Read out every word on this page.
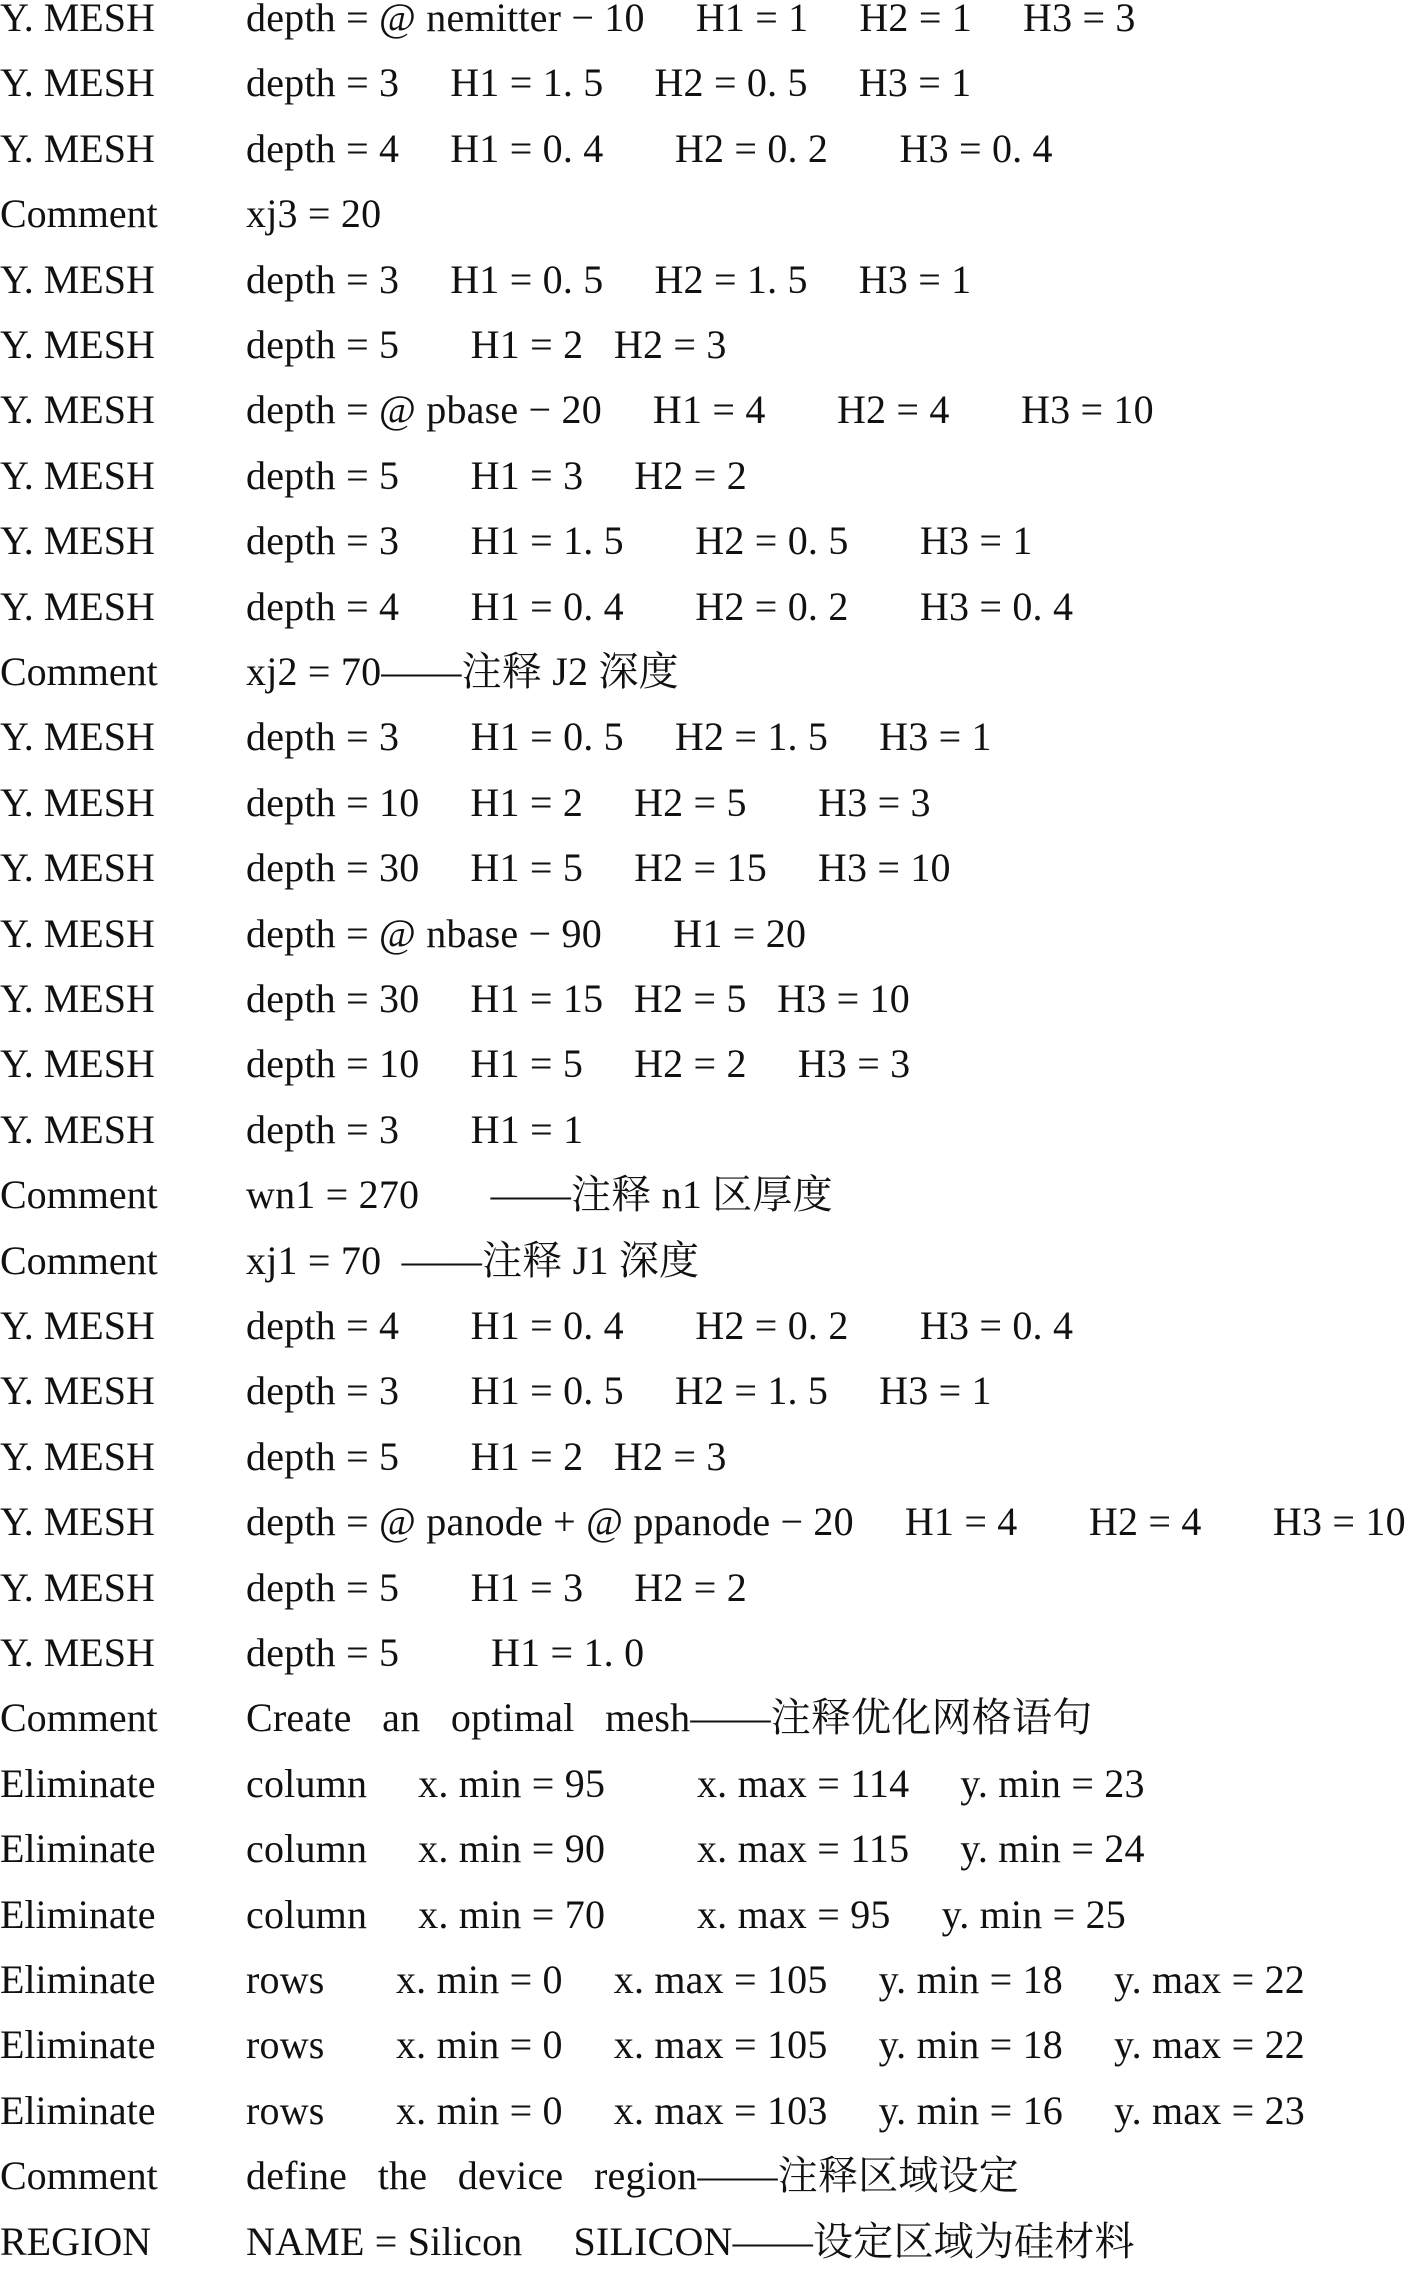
Y. MESH depth = @ nemitter − 10     H1 = 1     H2 = 1     H3 = 3
Y. MESH depth = 3     H1 = 1. 5     H2 = 0. 5     H3 = 1
Y. MESH depth = 4     H1 = 0. 4       H2 = 0. 2       H3 = 0. 4
Comment xj3 = 20
Y. MESH depth = 3     H1 = 0. 5     H2 = 1. 5     H3 = 1
Y. MESH depth = 5       H1 = 2   H2 = 3
Y. MESH depth = @ pbase − 20     H1 = 4       H2 = 4       H3 = 10
Y. MESH depth = 5       H1 = 3     H2 = 2
Y. MESH depth = 3       H1 = 1. 5       H2 = 0. 5       H3 = 1
Y. MESH depth = 4       H1 = 0. 4       H2 = 0. 2       H3 = 0. 4
Comment xj2 = 70——注释 J2 深度
Y. MESH depth = 3       H1 = 0. 5     H2 = 1. 5     H3 = 1
Y. MESH depth = 10     H1 = 2     H2 = 5       H3 = 3
Y. MESH depth = 30     H1 = 5     H2 = 15     H3 = 10
Y. MESH depth = @ nbase − 90       H1 = 20
Y. MESH depth = 30     H1 = 15   H2 = 5   H3 = 10
Y. MESH depth = 10     H1 = 5     H2 = 2     H3 = 3
Y. MESH depth = 3       H1 = 1
Comment wn1 = 270       ——注释 n1 区厚度
Comment xj1 = 70  ——注释 J1 深度
Y. MESH depth = 4       H1 = 0. 4       H2 = 0. 2       H3 = 0. 4
Y. MESH depth = 3       H1 = 0. 5     H2 = 1. 5     H3 = 1
Y. MESH depth = 5       H1 = 2   H2 = 3
Y. MESH depth = @ panode + @ ppanode − 20     H1 = 4       H2 = 4       H3 = 10
Y. MESH depth = 5       H1 = 3     H2 = 2
Y. MESH depth = 5         H1 = 1. 0
Comment Create   an   optimal   mesh——注释优化网格语句
Eliminate column     x. min = 95         x. max = 114     y. min = 23
Eliminate column     x. min = 90         x. max = 115     y. min = 24
Eliminate column     x. min = 70         x. max = 95     y. min = 25
Eliminate rows       x. min = 0     x. max = 105     y. min = 18     y. max = 22
Eliminate rows       x. min = 0     x. max = 105     y. min = 18     y. max = 22
Eliminate rows       x. min = 0     x. max = 103     y. min = 16     y. max = 23
Comment define   the   device   region——注释区域设定
REGION NAME = Silicon     SILICON——设定区域为硅材料
